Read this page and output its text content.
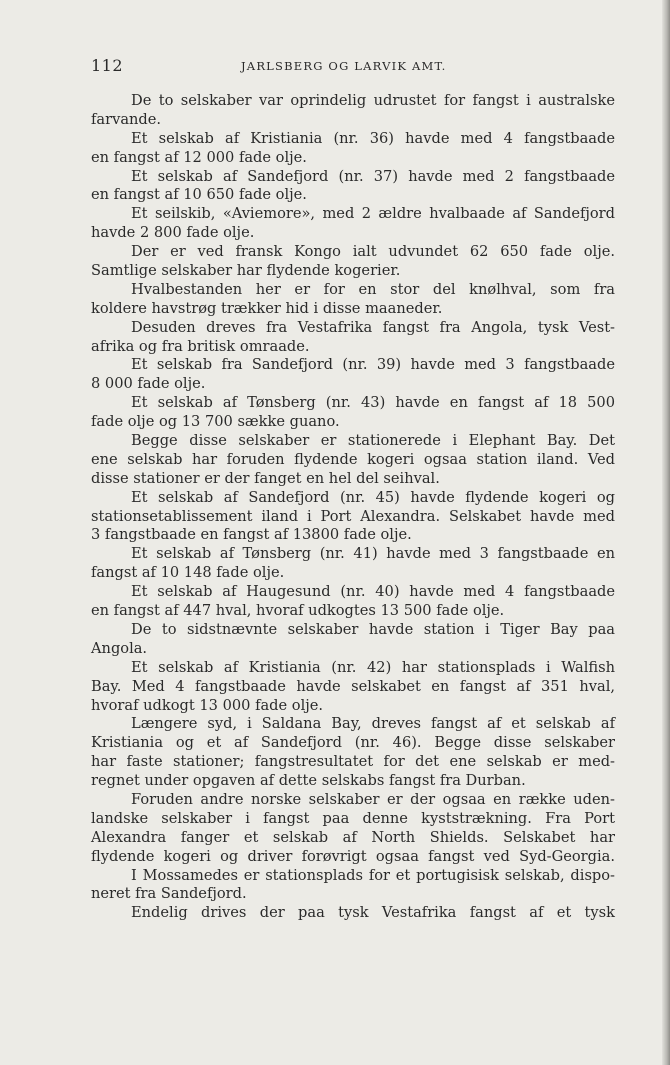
112	JARLSBERG OG LARVIK AMT.
De to selskaber var oprindelig udrustet for fangst i australske
farvande.
Et selskab af Kristiania (nr. 36) havde med 4 fangstbaade
en fangst af 12 000 fade olje.
Et selskab af Sandefjord (nr. 37) havde med 2 fangstbaade
en fangst af 10 650 fade olje.
Et seilskib, «Aviemore», med 2 ældre hvalbaade af Sandefjord
havde 2 800 fade olje.
Der er ved fransk Kongo ialt udvundet 62 650 fade olje.
Samtlige selskaber har flydende kogerier.
Hvalbestanden her er for en stor del knølhval, som fra
koldere havstrøg trækker hid i disse maaneder.
Desuden dreves fra Vestafrika fangst fra Angola, tysk Vest-
afrika og fra britisk omraade.
Et selskab fra Sandefjord (nr. 39) havde med 3 fangstbaade
8 000 fade olje.
Et selskab af Tønsberg (nr. 43) havde en fangst af 18 500
fade olje og 13 700 sække guano.
Begge disse selskaber er stationerede i Elephant Bay. Det
ene selskab har foruden flydende kogeri ogsaa station iland. Ved
disse stationer er der fanget en hel del seihval.
Et selskab af Sandefjord (nr. 45) havde flydende kogeri og
stationsetablissement iland i Port Alexandra. Selskabet havde med
3 fangstbaade en fangst af 13800 fade olje.
Et selskab af Tønsberg (nr. 41) havde med 3 fangstbaade en
fangst af 10 148 fade olje.
Et selskab af Haugesund (nr. 40) havde med 4 fangstbaade
en fangst af 447 hval, hvoraf udkogtes 13 500 fade olje.
De to sidstnævnte selskaber havde station i Tiger Bay paa
Angola.
Et selskab af Kristiania (nr. 42) har stationsplads i Walfish
Bay. Med 4 fangstbaade havde selskabet en fangst af 351 hval,
hvoraf udkogt 13 000 fade olje.
Længere syd, i Saldana Bay, dreves fangst af et selskab af
Kristiania og et af Sandefjord (nr. 46). Begge disse selskaber
har faste stationer; fangstresultatet for det ene selskab er med-
regnet under opgaven af dette selskabs fangst fra Durban.
Foruden andre norske selskaber er der ogsaa en række uden-
landske selskaber i fangst paa denne kyststrækning. Fra Port
Alexandra fanger et selskab af North Shields. Selskabet har
flydende kogeri og driver forøvrigt ogsaa fangst ved Syd-Georgia.
I Mossamedes er stationsplads for et portugisisk selskab, dispo-
neret fra Sandefjord.
Endelig drives der paa tysk Vestafrika fangst af et tysk
